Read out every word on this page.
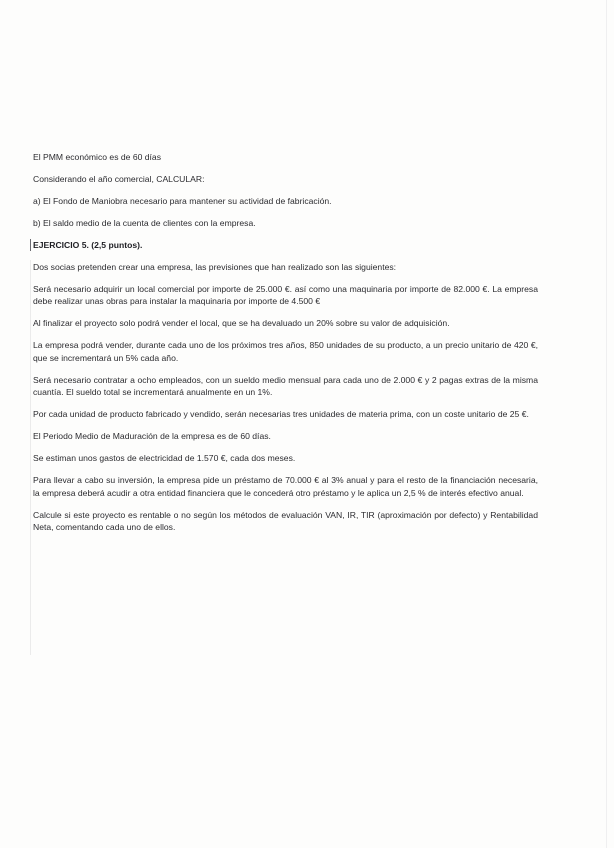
El PMM económico es de 60 días

Considerando el año comercial, CALCULAR:

a) El Fondo de Maniobra necesario para mantener su actividad de fabricación.

b) El saldo medio de la cuenta de clientes con la empresa.

EJERCICIO 5. (2,5 puntos).

Dos socias pretenden crear una empresa, las previsiones que han realizado son las siguientes:

Será necesario adquirir un local comercial por importe de 25.000 €. así como una maquinaria por importe de 82.000 €. La empresa debe realizar unas obras para instalar la maquinaria por importe de 4.500 €

Al finalizar el proyecto solo podrá vender el local, que se ha devaluado un 20% sobre su valor de adquisición.

La empresa podrá vender, durante cada uno de los próximos tres años, 850 unidades de su producto, a un precio unitario de 420 €, que se incrementará un 5% cada año.

Será necesario contratar a ocho empleados, con un sueldo medio mensual para cada uno de 2.000 € y 2 pagas extras de la misma cuantía. El sueldo total se incrementará anualmente en un 1%.

Por cada unidad de producto fabricado y vendido, serán necesarias tres unidades de materia prima, con un coste unitario de 25 €.

El Periodo Medio de Maduración de la empresa es de 60 días.

Se estiman unos gastos de electricidad de 1.570 €, cada dos meses.

Para llevar a cabo su inversión, la empresa pide un préstamo de 70.000 € al 3% anual y para el resto de la financiación necesaria, la empresa deberá acudir a otra entidad financiera que le concederá otro préstamo y le aplica un 2,5 % de interés efectivo anual.

Calcule si este proyecto es rentable o no según los métodos de evaluación VAN, IR, TIR (aproximación por defecto) y Rentabilidad Neta, comentando cada uno de ellos.
